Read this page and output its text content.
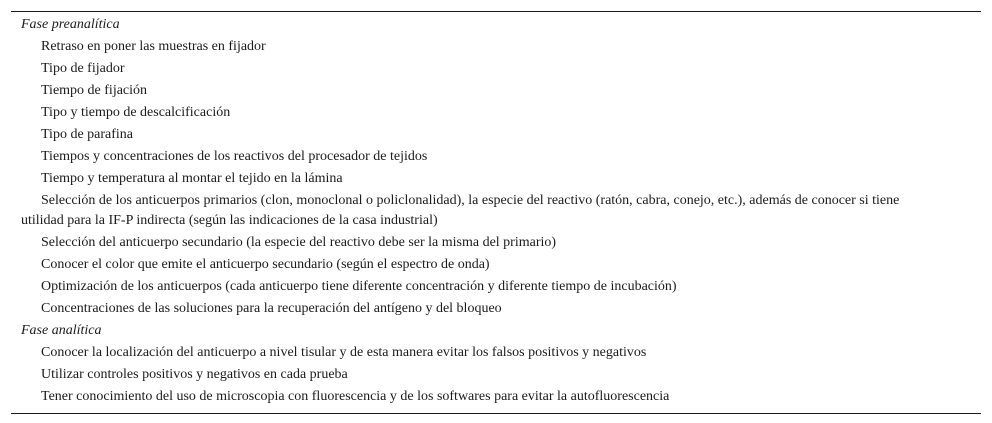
Fase preanalítica
Retraso en poner las muestras en fijador
Tipo de fijador
Tiempo de fijación
Tipo y tiempo de descalcificación
Tipo de parafina
Tiempos y concentraciones de los reactivos del procesador de tejidos
Tiempo y temperatura al montar el tejido en la lámina
Selección de los anticuerpos primarios (clon, monoclonal o policlonalidad), la especie del reactivo (ratón, cabra, conejo, etc.), además de conocer si tiene utilidad para la IF-P indirecta (según las indicaciones de la casa industrial)
Selección del anticuerpo secundario (la especie del reactivo debe ser la misma del primario)
Conocer el color que emite el anticuerpo secundario (según el espectro de onda)
Optimización de los anticuerpos (cada anticuerpo tiene diferente concentración y diferente tiempo de incubación)
Concentraciones de las soluciones para la recuperación del antígeno y del bloqueo
Fase analítica
Conocer la localización del anticuerpo a nivel tisular y de esta manera evitar los falsos positivos y negativos
Utilizar controles positivos y negativos en cada prueba
Tener conocimiento del uso de microscopia con fluorescencia y de los softwares para evitar la autofluorescencia
